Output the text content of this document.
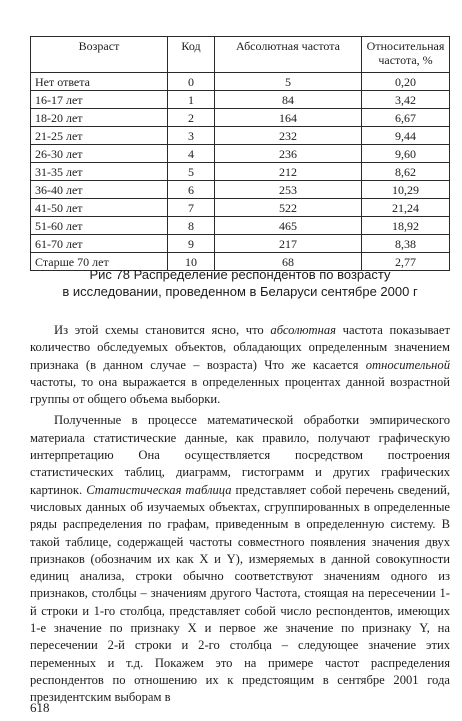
Возраст	Код	Абсолютная частота	Относительная частота, %
Нет ответа	0	5	0,20
16-17 лет	1	84	3,42
18-20 лет	2	164	6,67
21-25 лет	3	232	9,44
26-30 лет	4	236	9,60
31-35 лет	5	212	8,62
36-40 лет	6	253	10,29
41-50 лет	7	522	21,24
51-60 лет	8	465	18,92
61-70 лет	9	217	8,38
Старше 70 лет	10	68	2,77
Рис 78 Распределение респондентов по возрасту
в исследовании, проведенном в Беларуси сентябре 2000 г

Из этой схемы становится ясно, что абсолютная частота показывает количество обследуемых объектов, обладающих определенным значением признака (в данном случае – возраста) Что же касается относительной частоты, то она выражается в определенных процентах данной возрастной группы от общего объема выборки.

Полученные в процессе математической обработки эмпирического материала статистические данные, как правило, получают графическую интерпретацию Она осуществляется посредством построения статистических таблиц, диаграмм, гистограмм и других графических картинок. Статистическая таблица представляет собой перечень сведений, числовых данных об изучаемых объектах, сгруппированных в определенные ряды распределения по графам, приведенным в определенную систему. В такой таблице, содержащей частоты совместного появления значения двух признаков (обозначим их как X и Y), измеряемых в данной совокупности единиц анализа, строки обычно соответствуют значениям одного из признаков, столбцы – значениям другого Частота, стоящая на пересечении 1-й строки и 1-го столбца, представляет собой число респондентов, имеющих 1-е значение по признаку X и первое же значение по признаку Y, на пересечении 2-й строки и 2-го столбца – следующее значение этих переменных и т.д. Покажем это на примере частот распределения респондентов по отношению их к предстоящим в сентябре 2001 года президентским выборам в

618
